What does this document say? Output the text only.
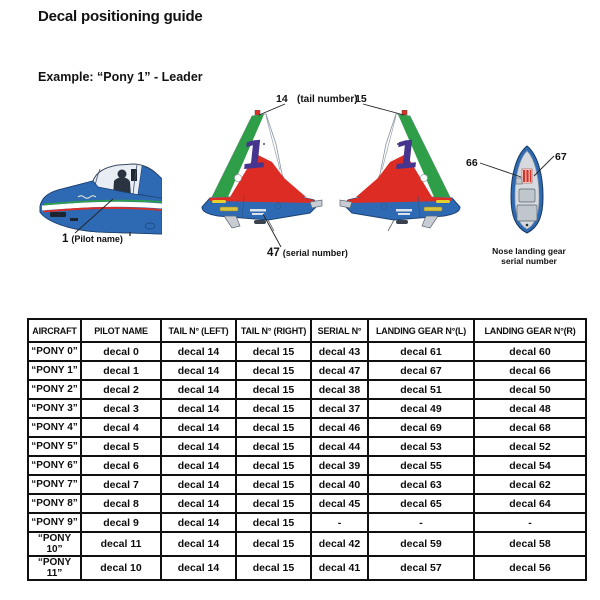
Decal positioning guide
Example: “Pony 1” - Leader
1	1
14 (tail number)
15
1 (Pilot name)
47 (serial number)
66	67
Nose landing gear
serial number
AIRCRAFT	PILOT NAME	TAIL N° (LEFT)	TAIL N° (RIGHT)	SERIAL N°	LANDING GEAR N°(L)	LANDING GEAR N°(R)
“PONY 0”	decal 0	decal 14	decal 15	decal 43	decal 61	decal 60
“PONY 1”	decal 1	decal 14	decal 15	decal 47	decal 67	decal 66
“PONY 2”	decal 2	decal 14	decal 15	decal 38	decal 51	decal 50
“PONY 3”	decal 3	decal 14	decal 15	decal 37	decal 49	decal 48
“PONY 4”	decal 4	decal 14	decal 15	decal 46	decal 69	decal 68
“PONY 5”	decal 5	decal 14	decal 15	decal 44	decal 53	decal 52
“PONY 6”	decal 6	decal 14	decal 15	decal 39	decal 55	decal 54
“PONY 7”	decal 7	decal 14	decal 15	decal 40	decal 63	decal 62
“PONY 8”	decal 8	decal 14	decal 15	decal 45	decal 65	decal 64
“PONY 9”	decal 9	decal 14	decal 15	-	-	-
“PONY 10”	decal 11	decal 14	decal 15	decal 42	decal 59	decal 58
“PONY 11”	decal 10	decal 14	decal 15	decal 41	decal 57	decal 56
